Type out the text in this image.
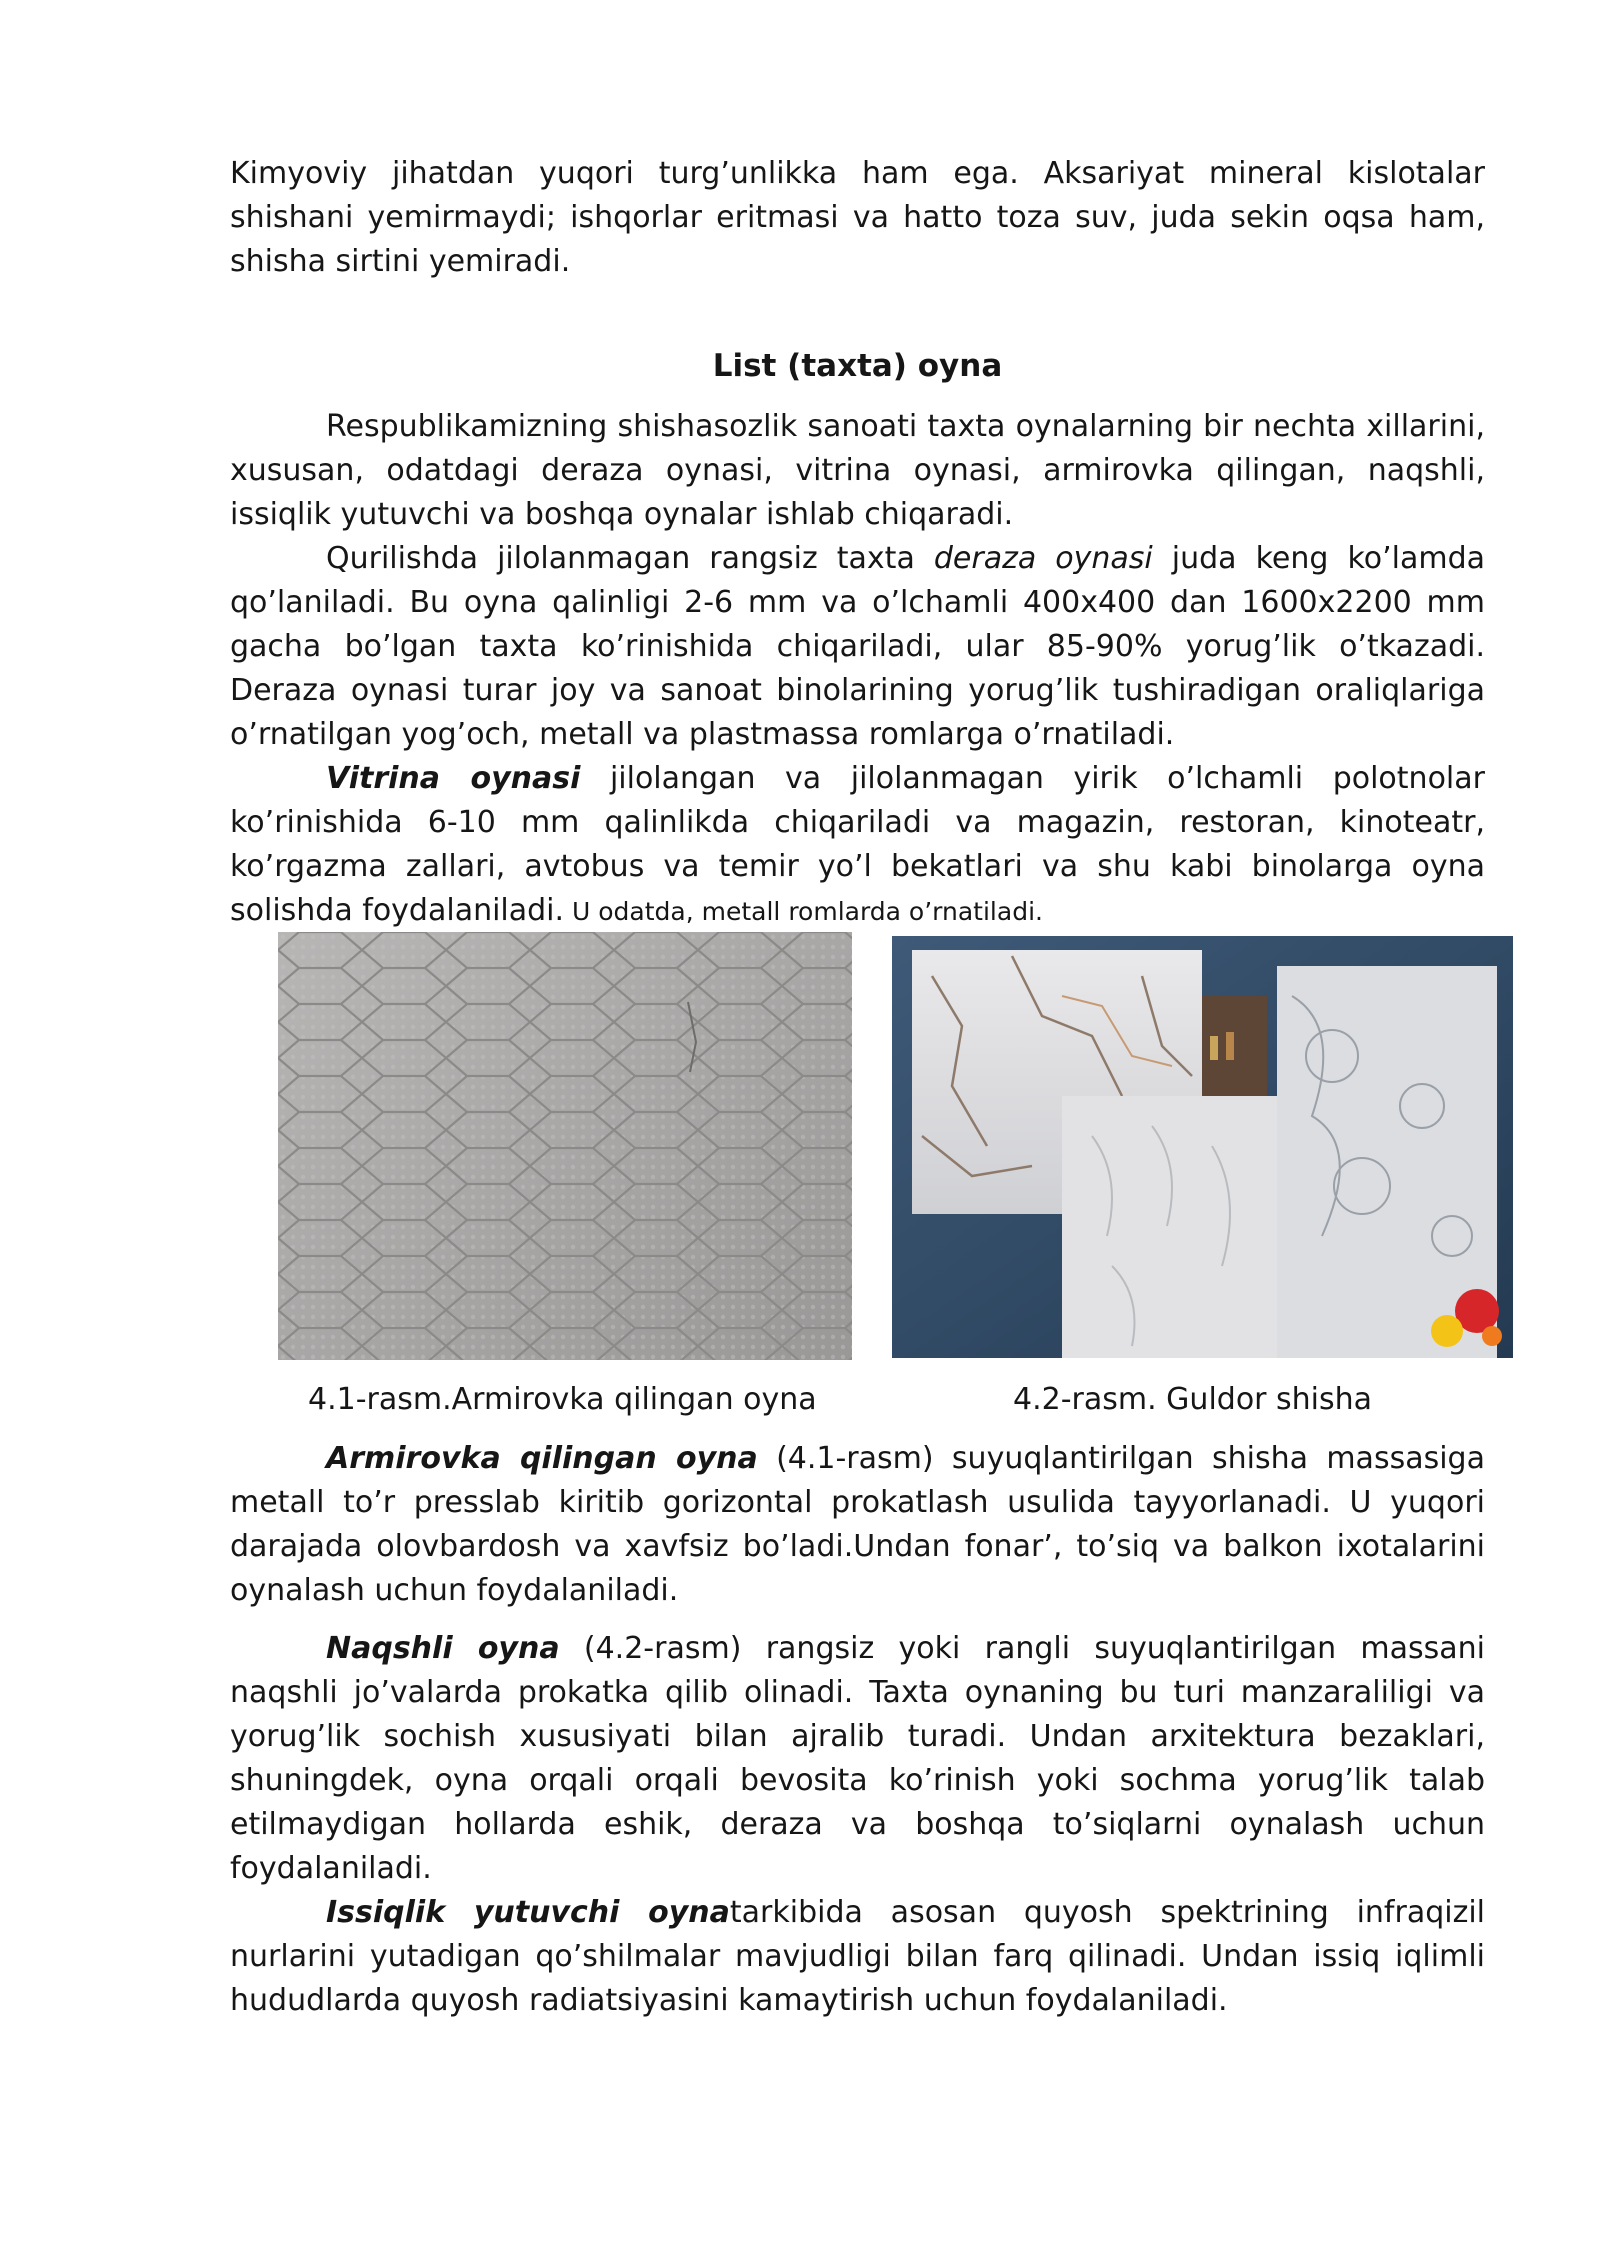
Kimyoviy jihatdan yuqori turg’unlikka ham ega. Aksariyat mineral kislotalar shishani yemirmaydi; ishqorlar eritmasi va hatto toza suv, juda sekin oqsa ham, shisha sirtini yemiradi.

List (taxta) oyna

Respublikamizning shishasozlik sanoati taxta oynalarning bir nechta xillarini, xususan, odatdagi deraza oynasi, vitrina oynasi, armirovka qilingan, naqshli, issiqlik yutuvchi va boshqa oynalar ishlab chiqaradi.

Qurilishda jilolanmagan rangsiz taxta deraza oynasi juda keng ko’lamda qo’laniladi. Bu oyna qalinligi 2-6 mm va o’lchamli 400x400 dan 1600x2200 mm gacha bo’lgan taxta ko’rinishida chiqariladi, ular 85-90% yorug’lik o’tkazadi. Deraza oynasi turar joy va sanoat binolarining yorug’lik tushiradigan oraliqlariga o’rnatilgan yog’och, metall va plastmassa romlarga o’rnatiladi.

Vitrina oynasi jilolangan va jilolanmagan yirik o’lchamli polotnolar ko’rinishida 6-10 mm qalinlikda chiqariladi va magazin, restoran, kinoteatr, ko’rgazma zallari, avtobus va temir yo’l bekatlari va shu kabi binolarga oyna solishda foydalaniladi. U odatda, metall romlarda o’rnatiladi.

4.1-rasm.Armirovka qilingan oyna	4.2-rasm. Guldor shisha

Armirovka qilingan oyna (4.1-rasm) suyuqlantirilgan shisha massasiga metall to’r presslab kiritib gorizontal prokatlash usulida tayyorlanadi. U yuqori darajada olovbardosh va xavfsiz bo’ladi.Undan fonar’, to’siq va balkon ixotalarini oynalash uchun foydalaniladi.

Naqshli oyna (4.2-rasm) rangsiz yoki rangli suyuqlantirilgan massani naqshli jo’valarda prokatka qilib olinadi. Taxta oynaning bu turi manzaraliligi va yorug’lik sochish xususiyati bilan ajralib turadi. Undan arxitektura bezaklari, shuningdek, oyna orqali orqali bevosita ko’rinish yoki sochma yorug’lik talab etilmaydigan hollarda eshik, deraza va boshqa to’siqlarni oynalash uchun foydalaniladi.

Issiqlik yutuvchi oynatarkibida asosan quyosh spektrining infraqizil nurlarini yutadigan qo’shilmalar mavjudligi bilan farq qilinadi. Undan issiq iqlimli hududlarda quyosh radiatsiyasini kamaytirish uchun foydalaniladi.
